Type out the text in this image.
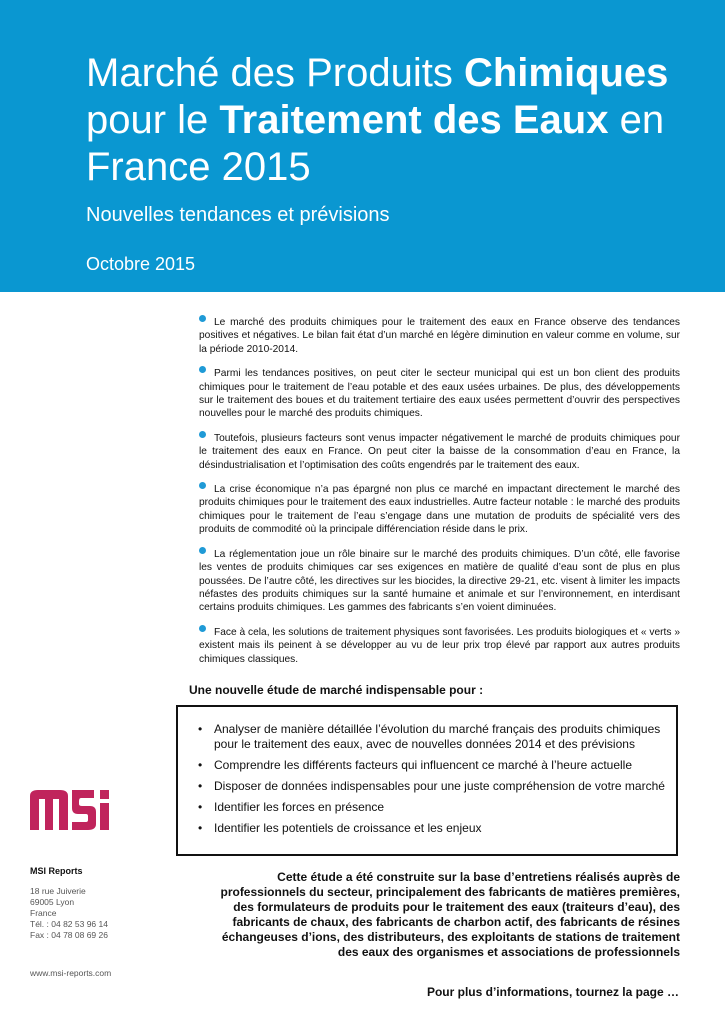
Marché des Produits Chimiques
pour le Traitement des Eaux en
France 2015
Nouvelles tendances et prévisions
Octobre 2015

Le marché des produits chimiques pour le traitement des eaux en France observe des tendances positives et négatives. Le bilan fait état d’un marché en légère diminution en valeur comme en volume, sur la période 2010-2014.

Parmi les tendances positives, on peut citer le secteur municipal qui est un bon client des produits chimiques pour le traitement de l’eau potable et des eaux usées urbaines. De plus, des développements sur le traitement des boues et du traitement tertiaire des eaux usées permettent d’ouvrir des perspectives nouvelles pour le marché des produits chimiques.

Toutefois, plusieurs facteurs sont venus impacter négativement le marché de produits chimiques pour le traitement des eaux en France. On peut citer la baisse de la consommation d’eau en France, la désindustrialisation et l’optimisation des coûts engendrés par le traitement des eaux.

La crise économique n’a pas épargné non plus ce marché en impactant directement le marché des produits chimiques pour le traitement des eaux industrielles. Autre facteur notable : le marché des produits chimiques pour le traitement de l’eau s’engage dans une mutation de produits de spécialité vers des produits de commodité où la principale différenciation réside dans le prix.

La réglementation joue un rôle binaire sur le marché des produits chimiques. D’un côté, elle favorise les ventes de produits chimiques car ses exigences en matière de qualité d’eau sont de plus en plus poussées. De l’autre côté, les directives sur les biocides, la directive 29-21, etc. visent à limiter les impacts néfastes des produits chimiques sur la santé humaine et animale et sur l’environnement, en interdisant certains produits chimiques. Les gammes des fabricants s’en voient diminuées.

Face à cela, les solutions de traitement physiques sont favorisées. Les produits biologiques et « verts » existent mais ils peinent à se développer au vu de leur prix trop élevé par rapport aux autres produits chimiques classiques.

Une nouvelle étude de marché indispensable pour :

• Analyser de manière détaillée l’évolution du marché français des produits chimiques pour le traitement des eaux, avec de nouvelles données 2014 et des prévisions
• Comprendre les différents facteurs qui influencent ce marché à l’heure actuelle
• Disposer de données indispensables pour une juste compréhension de votre marché
• Identifier les forces en présence
• Identifier les potentiels de croissance et les enjeux

MSI Reports

18 rue Juiverie
69005 Lyon
France
Tél. : 04 82 53 96 14
Fax : 04 78 08 69 26
www.msi-reports.com

Cette étude a été construite sur la base d’entretiens réalisés auprès de professionnels du secteur, principalement des fabricants de matières premières, des formulateurs de produits pour le traitement des eaux (traiteurs d’eau), des fabricants de chaux, des fabricants de charbon actif, des fabricants de résines échangeuses d’ions, des distributeurs, des exploitants de stations de traitement des eaux des organismes et associations de professionnels

Pour plus d’informations, tournez la page …
